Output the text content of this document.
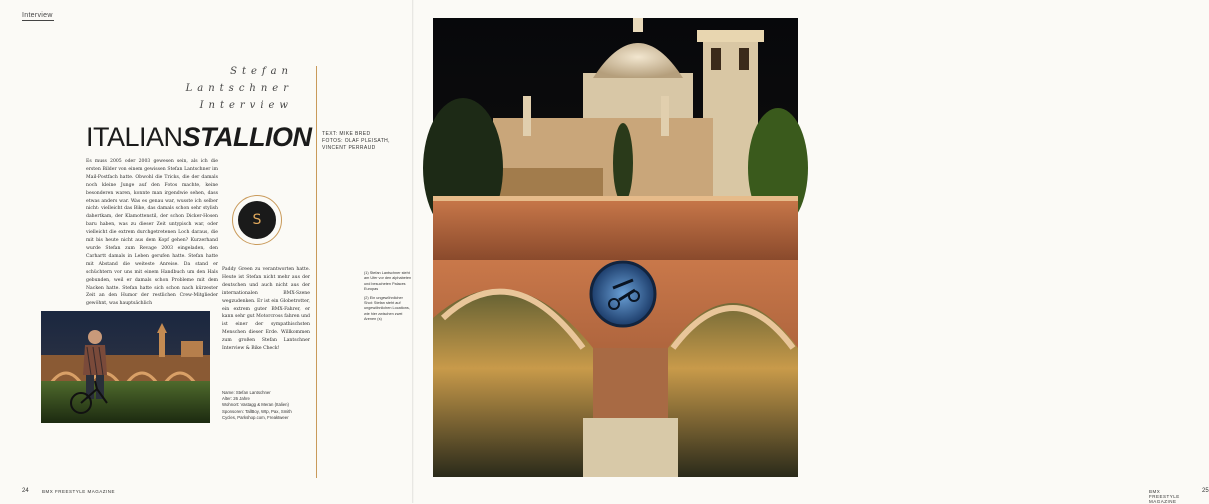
Interview
Stefan
Lantschner
Interview
ITALIANSTALLION TEXT: MIKE BRED
FOTOS: OLAF PLEISATH,
VINCENT PERRAUD
Es muss 2005 oder 2003 gewesen sein, als ich die ersten Bilder von einem gewissen Stefan Lantschner im Mail-Postfach hatte. Obwohl die Tricks, die der damals noch kleine Junge auf den Fotos machte, keine besonderen waren, konnte man irgendwie sehen, dass etwas anders war. Was es genau war, wusste ich selber nicht: vielleicht das Bike, das damals schon sehr stylish dahertkam, der Klamottenstil, der schon Dicker-Hosen baru haben, was zu dieser Zeit untypisch war, oder vielleicht die extrem durchgetretenen Loch daraus, die mit bis heute nicht aus dem Kopf gehen? Kurzerhand wurde Stefan zum Revage 2003 eingeladen, den Carhartt damals in Leben gerufen hatte. Stefan hatte mit Abstand die weiteste Anreise. Da stand er schüchtern vor uns mit einem Handbuch um den Hals gebunden, weil er damals schon Probleme mit dem Nacken hatte. Stefan hatte sich schon nach kürzester Zeit an den Humor der restlichen Crew-Mitglieder gewöhnt, was hauptsächlich
S
Paddy Green zu verantworten hatte. Heute ist Stefan nicht mehr aus der deutschen und auch nicht aus der internationalen BMX-Szene wegzudenken. Er ist ein Globetrotter, ein extrem guter BMX-Fahrer, er kann sehr gut Motorcross fahren und ist einer der sympathischsten Menschen dieser Erde. Willkommen zum großen Stefan Lantschner Interview & Bike Check!
Name: Stefan Lantschner
Alter: 26 Jahre
Wohnort: Vastagg & Meran (Italien)
Sponsoren: TallBoy, Wtp, Pax, Smith
Cycles, Parkshop.com, Freaktweer
(1) Stefan Lantschner steht am Ufer vor den alphabeten und besucheten Palaces Europas
(2) Ein ungewöhnlicher Shot: Stefan steht auf ungewöhnlichen Locations, wie hier zwischen zwei Arenen (s)
24	BMX FREESTYLE MAGAZINE	25
BMX FREESTYLE MAGAZINE
